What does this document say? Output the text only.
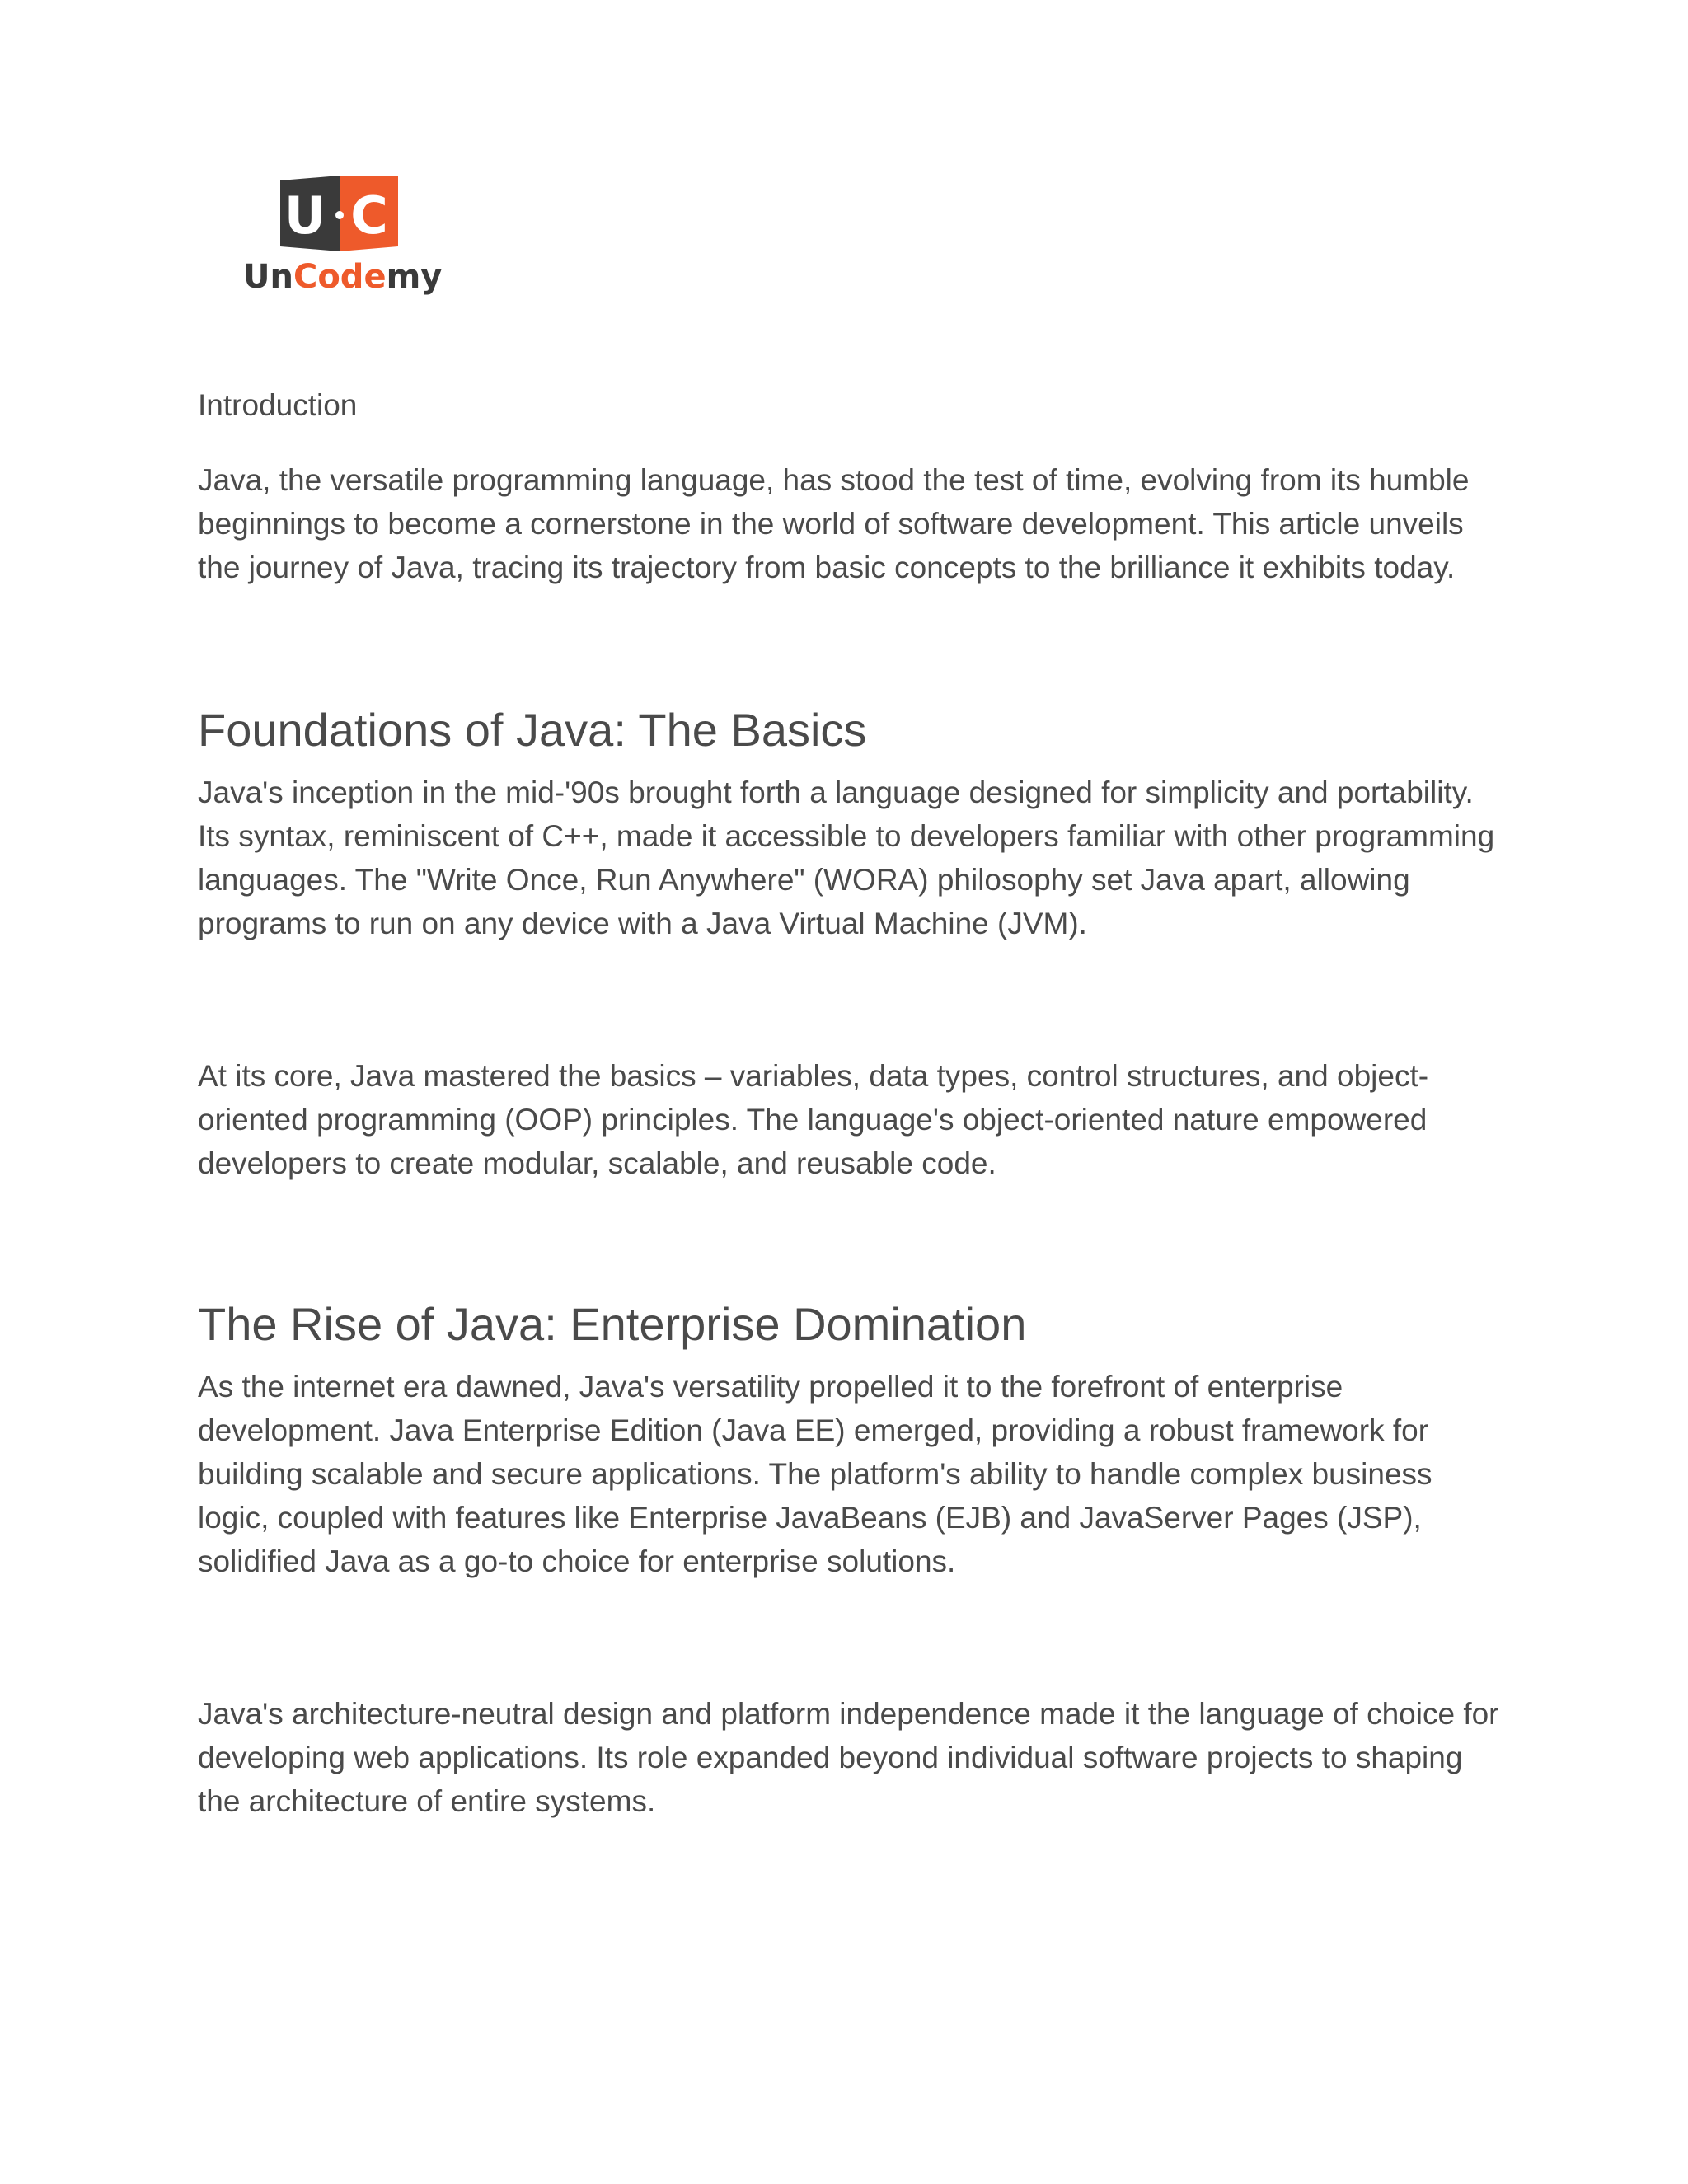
U C
UnCodemy
Introduction

Java, the versatile programming language, has stood the test of time, evolving from its humble beginnings to become a cornerstone in the world of software development. This article unveils the journey of Java, tracing its trajectory from basic concepts to the brilliance it exhibits today.

Foundations of Java: The Basics

Java's inception in the mid-'90s brought forth a language designed for simplicity and portability. Its syntax, reminiscent of C++, made it accessible to developers familiar with other programming languages. The "Write Once, Run Anywhere" (WORA) philosophy set Java apart, allowing programs to run on any device with a Java Virtual Machine (JVM).

At its core, Java mastered the basics – variables, data types, control structures, and object-oriented programming (OOP) principles. The language's object-oriented nature empowered developers to create modular, scalable, and reusable code.

The Rise of Java: Enterprise Domination

As the internet era dawned, Java's versatility propelled it to the forefront of enterprise development. Java Enterprise Edition (Java EE) emerged, providing a robust framework for building scalable and secure applications. The platform's ability to handle complex business logic, coupled with features like Enterprise JavaBeans (EJB) and JavaServer Pages (JSP), solidified Java as a go-to choice for enterprise solutions.

Java's architecture-neutral design and platform independence made it the language of choice for developing web applications. Its role expanded beyond individual software projects to shaping the architecture of entire systems.
